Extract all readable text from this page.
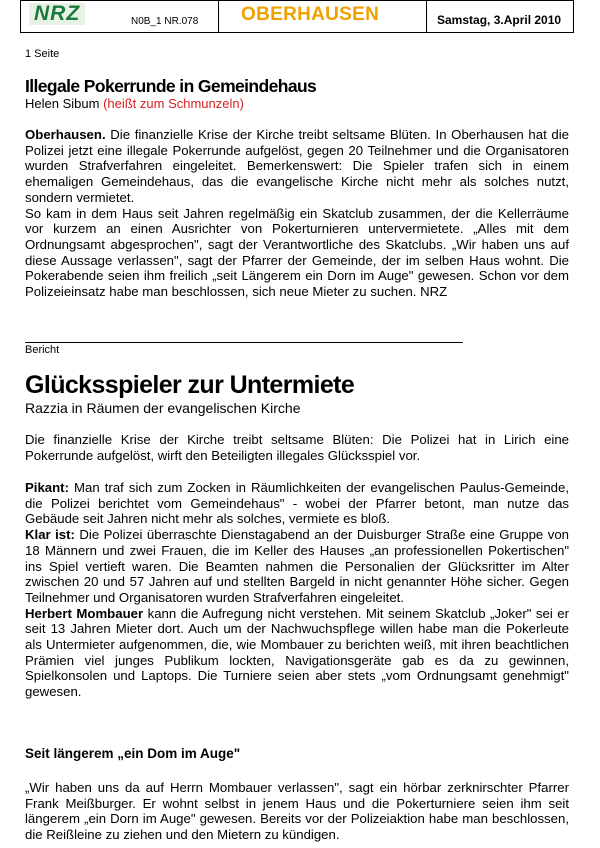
NRZ	N0B_1 NR.078	OBERHAUSEN	Samstag, 3.April 2010
1 Seite
Illegale Pokerrunde in Gemeindehaus
Helen Sibum (heißt zum Schmunzeln)

Oberhausen. Die finanzielle Krise der Kirche treibt seltsame Blüten. In Oberhausen hat die Polizei jetzt eine illegale Pokerrunde aufgelöst, gegen 20 Teilnehmer und die Organisatoren wurden Strafverfahren eingeleitet. Bemerkenswert: Die Spieler trafen sich in einem ehemaligen Gemeindehaus, das die evangelische Kirche nicht mehr als solches nutzt, sondern vermietet.

So kam in dem Haus seit Jahren regelmäßig ein Skatclub zusammen, der die Kellerräume vor kurzem an einen Ausrichter von Pokerturnieren untervermietete. „Alles mit dem Ordnungsamt abgesprochen", sagt der Verantwortliche des Skatclubs. „Wir haben uns auf diese Aussage verlassen", sagt der Pfarrer der Gemeinde, der im selben Haus wohnt. Die Pokerabende seien ihm freilich „seit Längerem ein Dorn im Auge" gewesen. Schon vor dem Polizeieinsatz habe man beschlossen, sich neue Mieter zu suchen. NRZ

Bericht
Glücksspieler zur Untermiete
Razzia in Räumen der evangelischen Kirche

Die finanzielle Krise der Kirche treibt seltsame Blüten: Die Polizei hat in Lirich eine Pokerrunde aufgelöst, wirft den Beteiligten illegales Glücksspiel vor.

Pikant: Man traf sich zum Zocken in Räumlichkeiten der evangelischen Paulus-Gemeinde, die Polizei berichtet vom Gemeindehaus" - wobei der Pfarrer betont, man nutze das Gebäude seit Jahren nicht mehr als solches, vermiete es bloß.

Klar ist: Die Polizei überraschte Dienstagabend an der Duisburger Straße eine Gruppe von 18 Männern und zwei Frauen, die im Keller des Hauses „an professionellen Pokertischen" ins Spiel vertieft waren. Die Beamten nahmen die Personalien der Glücksritter im Alter zwischen 20 und 57 Jahren auf und stellten Bargeld in nicht genannter Höhe sicher. Gegen Teilnehmer und Organisatoren wurden Strafverfahren eingeleitet.

Herbert Mombauer kann die Aufregung nicht verstehen. Mit seinem Skatclub „Joker" sei er seit 13 Jahren Mieter dort. Auch um der Nachwuchspflege willen habe man die Pokerleute als Untermieter aufgenommen, die, wie Mombauer zu berichten weiß, mit ihren beachtlichen Prämien viel junges Publikum lockten, Navigationsgeräte gab es da zu gewinnen, Spielkonsolen und Laptops. Die Turniere seien aber stets „vom Ordnungsamt genehmigt" gewesen.

Seit längerem „ein Dom im Auge"

„Wir haben uns da auf Herrn Mombauer verlassen", sagt ein hörbar zerknirschter Pfarrer Frank Meißburger. Er wohnt selbst in jenem Haus und die Pokerturniere seien ihm seit längerem „ein Dorn im Auge" gewesen. Bereits vor der Polizeiaktion habe man beschlossen, die Reißleine zu ziehen und den Mietern zu kündigen.
